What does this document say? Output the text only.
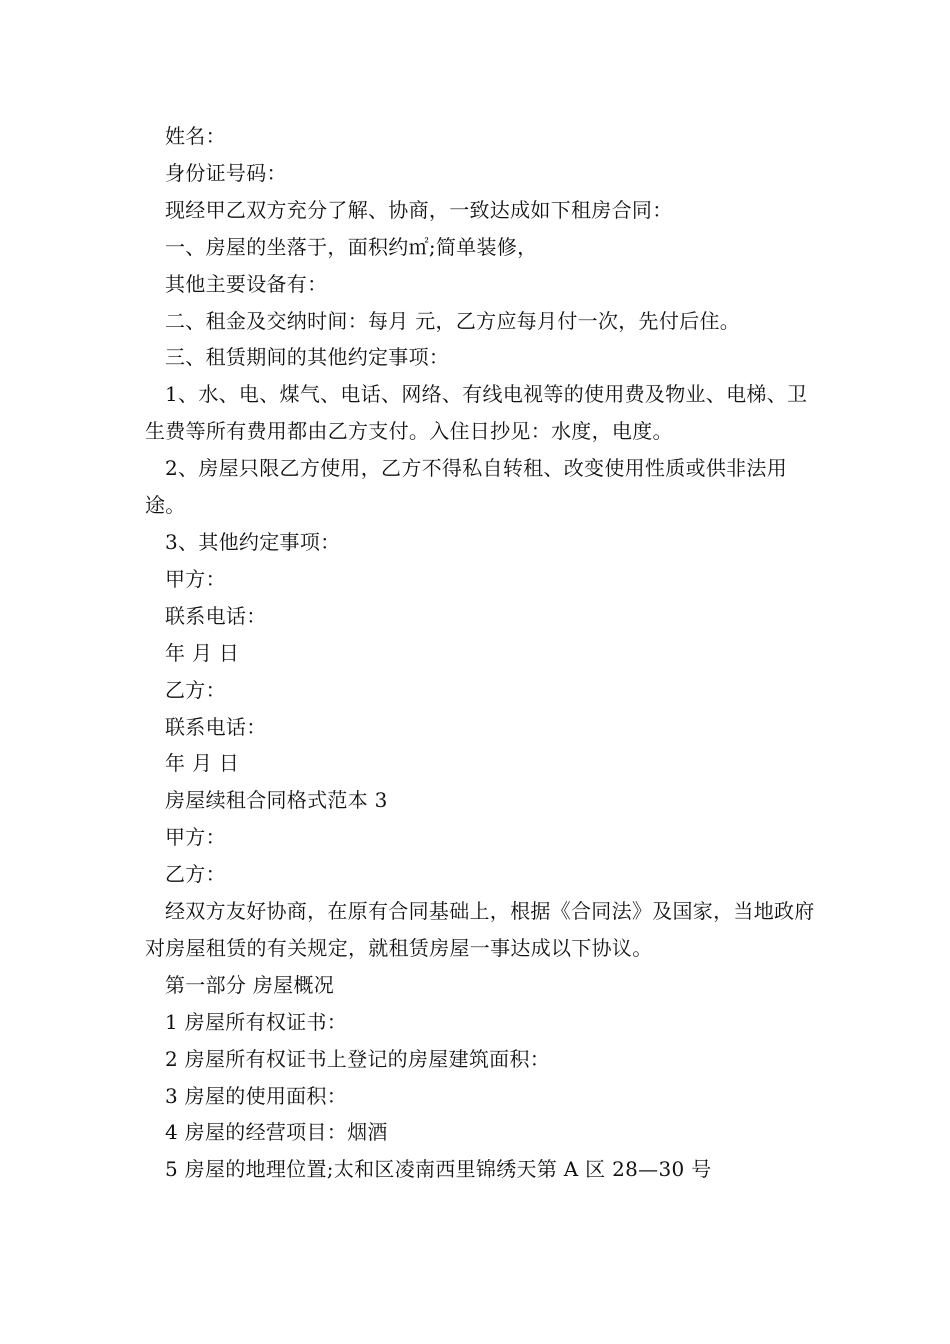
姓名：

身份证号码：

现经甲乙双方充分了解、协商，一致达成如下租房合同：

一、房屋的坐落于，面积约㎡;简单装修，

其他主要设备有：

二、租金及交纳时间：每月 元，乙方应每月付一次，先付后住。

三、租赁期间的其他约定事项：

1、水、电、煤气、电话、网络、有线电视等的使用费及物业、电梯、卫生费等所有费用都由乙方支付。入住日抄见：水度，电度。

2、房屋只限乙方使用，乙方不得私自转租、改变使用性质或供非法用途。

3、其他约定事项：

甲方：

联系电话：

年 月 日

乙方：

联系电话：

年 月 日

房屋续租合同格式范本 3

甲方：

乙方：

经双方友好协商，在原有合同基础上，根据《合同法》及国家，当地政府对房屋租赁的有关规定，就租赁房屋一事达成以下协议。

第一部分 房屋概况

1 房屋所有权证书：

2 房屋所有权证书上登记的房屋建筑面积：

3 房屋的使用面积：

4 房屋的经营项目：烟酒

5 房屋的地理位置;太和区凌南西里锦绣天第 A 区 28—30 号
